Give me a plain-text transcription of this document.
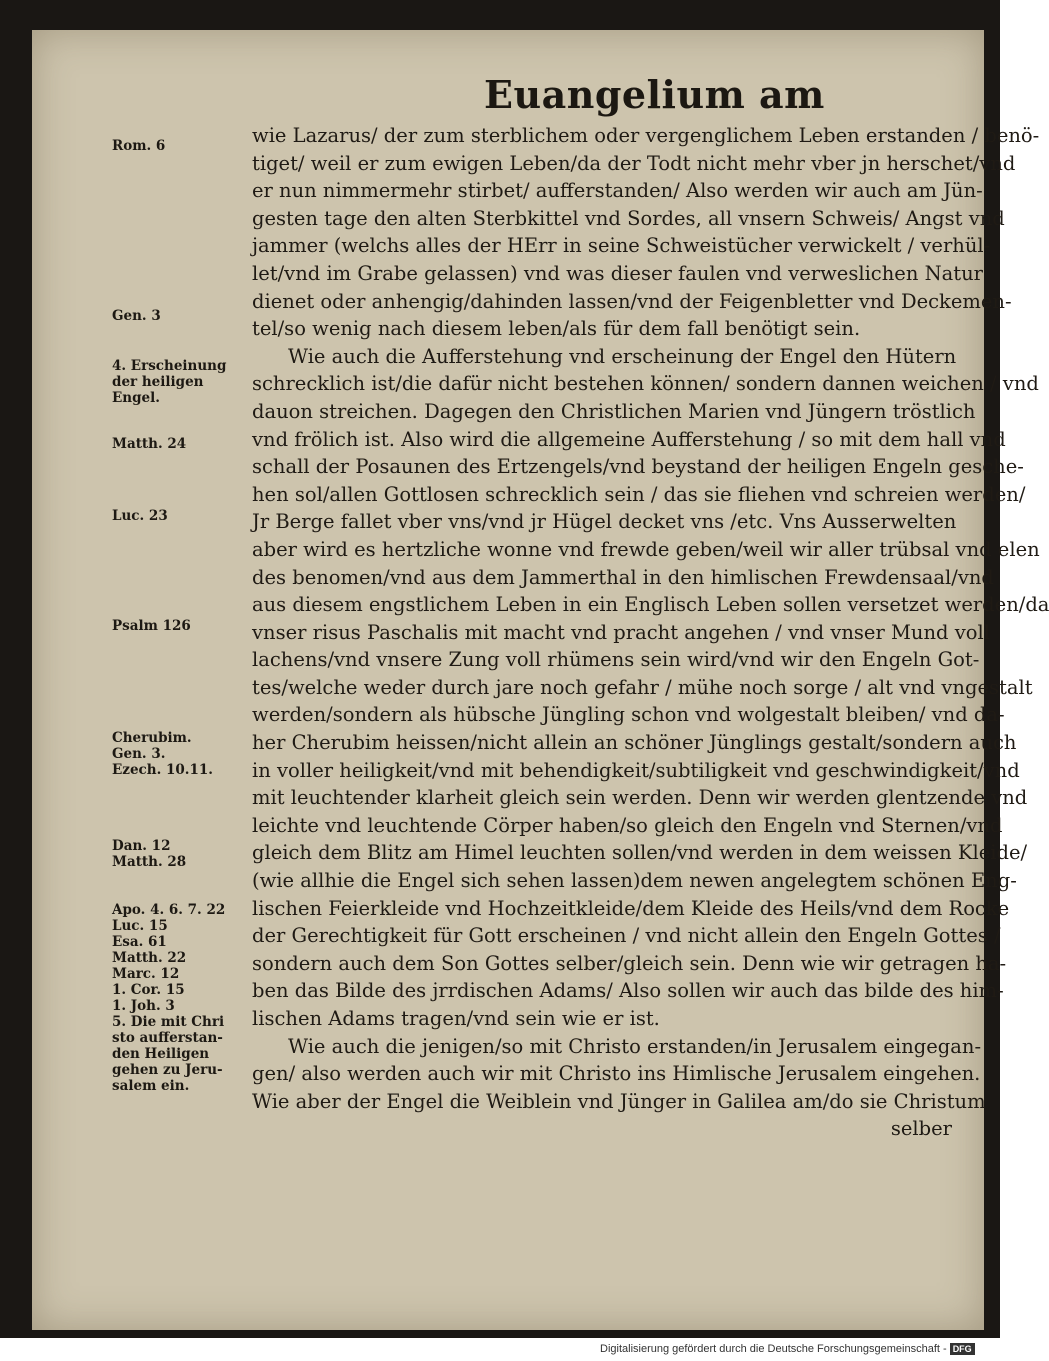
Euangelium am
wie Lazarus/ der zum sterblichem oder vergenglichem Leben erstanden / benö-
tiget/ weil er zum ewigen Leben/da der Todt nicht mehr vber jn herschet/vnd
er nun nimmermehr stirbet/ aufferstanden/ Also werden wir auch am Jün-
gesten tage den alten Sterbkittel vnd Sordes, all vnsern Schweis/ Angst vnd
jammer (welchs alles der HErr in seine Schweistücher verwickelt / verhül-
let/vnd im Grabe gelassen) vnd was dieser faulen vnd verweslichen Natur
dienet oder anhengig/dahinden lassen/vnd der Feigenbletter vnd Deckemen-
tel/so wenig nach diesem leben/als für dem fall benötigt sein.
Wie auch die Aufferstehung vnd erscheinung der Engel den Hütern
schrecklich ist/die dafür nicht bestehen können/ sondern dannen weichen / vnd
dauon streichen. Dagegen den Christlichen Marien vnd Jüngern tröstlich
vnd frölich ist. Also wird die allgemeine Aufferstehung / so mit dem hall vnd
schall der Posaunen des Ertzengels/vnd beystand der heiligen Engeln gesche-
hen sol/allen Gottlosen schrecklich sein / das sie fliehen vnd schreien werden/
Jr Berge fallet vber vns/vnd jr Hügel decket vns /etc. Vns Ausserwelten
aber wird es hertzliche wonne vnd frewde geben/weil wir aller trübsal vnd elen
des benomen/vnd aus dem Jammerthal in den himlischen Frewdensaal/vnd
aus diesem engstlichem Leben in ein Englisch Leben sollen versetzet werden/da
vnser risus Paschalis mit macht vnd pracht angehen / vnd vnser Mund voll
lachens/vnd vnsere Zung voll rhümens sein wird/vnd wir den Engeln Got-
tes/welche weder durch jare noch gefahr / mühe noch sorge / alt vnd vngestalt
werden/sondern als hübsche Jüngling schon vnd wolgestalt bleiben/ vnd da-
her Cherubim heissen/nicht allein an schöner Jünglings gestalt/sondern auch
in voller heiligkeit/vnd mit behendigkeit/subtiligkeit vnd geschwindigkeit/vnd
mit leuchtender klarheit gleich sein werden. Denn wir werden glentzende vnd
leichte vnd leuchtende Cörper haben/so gleich den Engeln vnd Sternen/vnd
gleich dem Blitz am Himel leuchten sollen/vnd werden in dem weissen Kleide/
(wie allhie die Engel sich sehen lassen)dem newen angelegtem schönen Eng-
lischen Feierkleide vnd Hochzeitkleide/dem Kleide des Heils/vnd dem Rocke
der Gerechtigkeit für Gott erscheinen / vnd nicht allein den Engeln Gottes /
sondern auch dem Son Gottes selber/gleich sein. Denn wie wir getragen ha-
ben das Bilde des jrrdischen Adams/ Also sollen wir auch das bilde des him-
lischen Adams tragen/vnd sein wie er ist.
Wie auch die jenigen/so mit Christo erstanden/in Jerusalem eingegan-
gen/ also werden auch wir mit Christo ins Himlische Jerusalem eingehen.
Wie aber der Engel die Weiblein vnd Jünger in Galilea am/do sie Christum
selber
Rom. 6
Gen. 3
4. Erscheinung
der heiligen
Engel.
Matth. 24
Luc. 23
Psalm 126
Cherubim.
Gen. 3.
Ezech. 10.11.
Dan. 12
Matth. 28
Apo. 4. 6. 7. 22
Luc. 15
Esa. 61
Matth. 22
Marc. 12
1. Cor. 15
1. Joh. 3
5. Die mit Chri
sto aufferstan-
den Heiligen
gehen zu Jeru-
salem ein.
Digitalisierung gefördert durch die Deutsche Forschungsgemeinschaft - DFG
